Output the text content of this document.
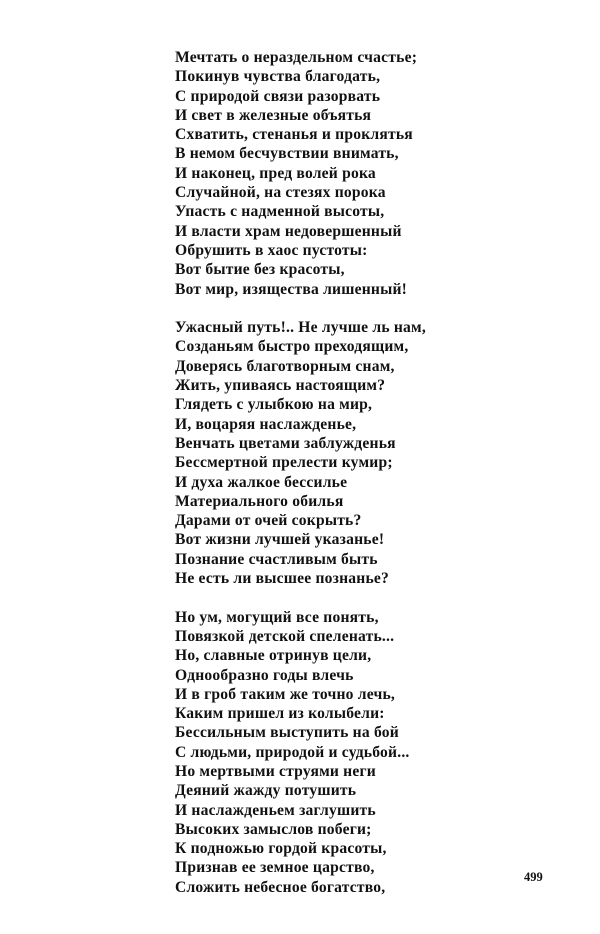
Мечтать о нераздельном счастье;
Покинув чувства благодать,
С природой связи разорвать
И свет в железные объятья
Схватить, стенанья и проклятья
В немом бесчувствии внимать,
И наконец, пред волей рока
Случайной, на стезях порока
Упасть с надменной высоты,
И власти храм недовершенный
Обрушить в хаос пустоты:
Вот бытие без красоты,
Вот мир, изящества лишенный!
Ужасный путь!.. Не лучше ль нам,
Созданьям быстро преходящим,
Доверясь благотворным снам,
Жить, упиваясь настоящим?
Глядеть с улыбкою на мир,
И, воцаряя наслажденье,
Венчать цветами заблужденья
Бессмертной прелести кумир;
И духа жалкое бессилье
Материального обилья
Дарами от очей сокрыть?
Вот жизни лучшей указанье!
Познание счастливым быть
Не есть ли высшее познанье?
Но ум, могущий все понять,
Повязкой детской спеленать...
Но, славные отринув цели,
Однообразно годы влечь
И в гроб таким же точно лечь,
Каким пришел из колыбели:
Бессильным выступить на бой
С людьми, природой и судьбой...
Но мертвыми струями неги
Деяний жажду потушить
И наслажденьем заглушить
Высоких замыслов побеги;
К подножью гордой красоты,
Признав ее земное царство,
Сложить небесное богатство,
499
